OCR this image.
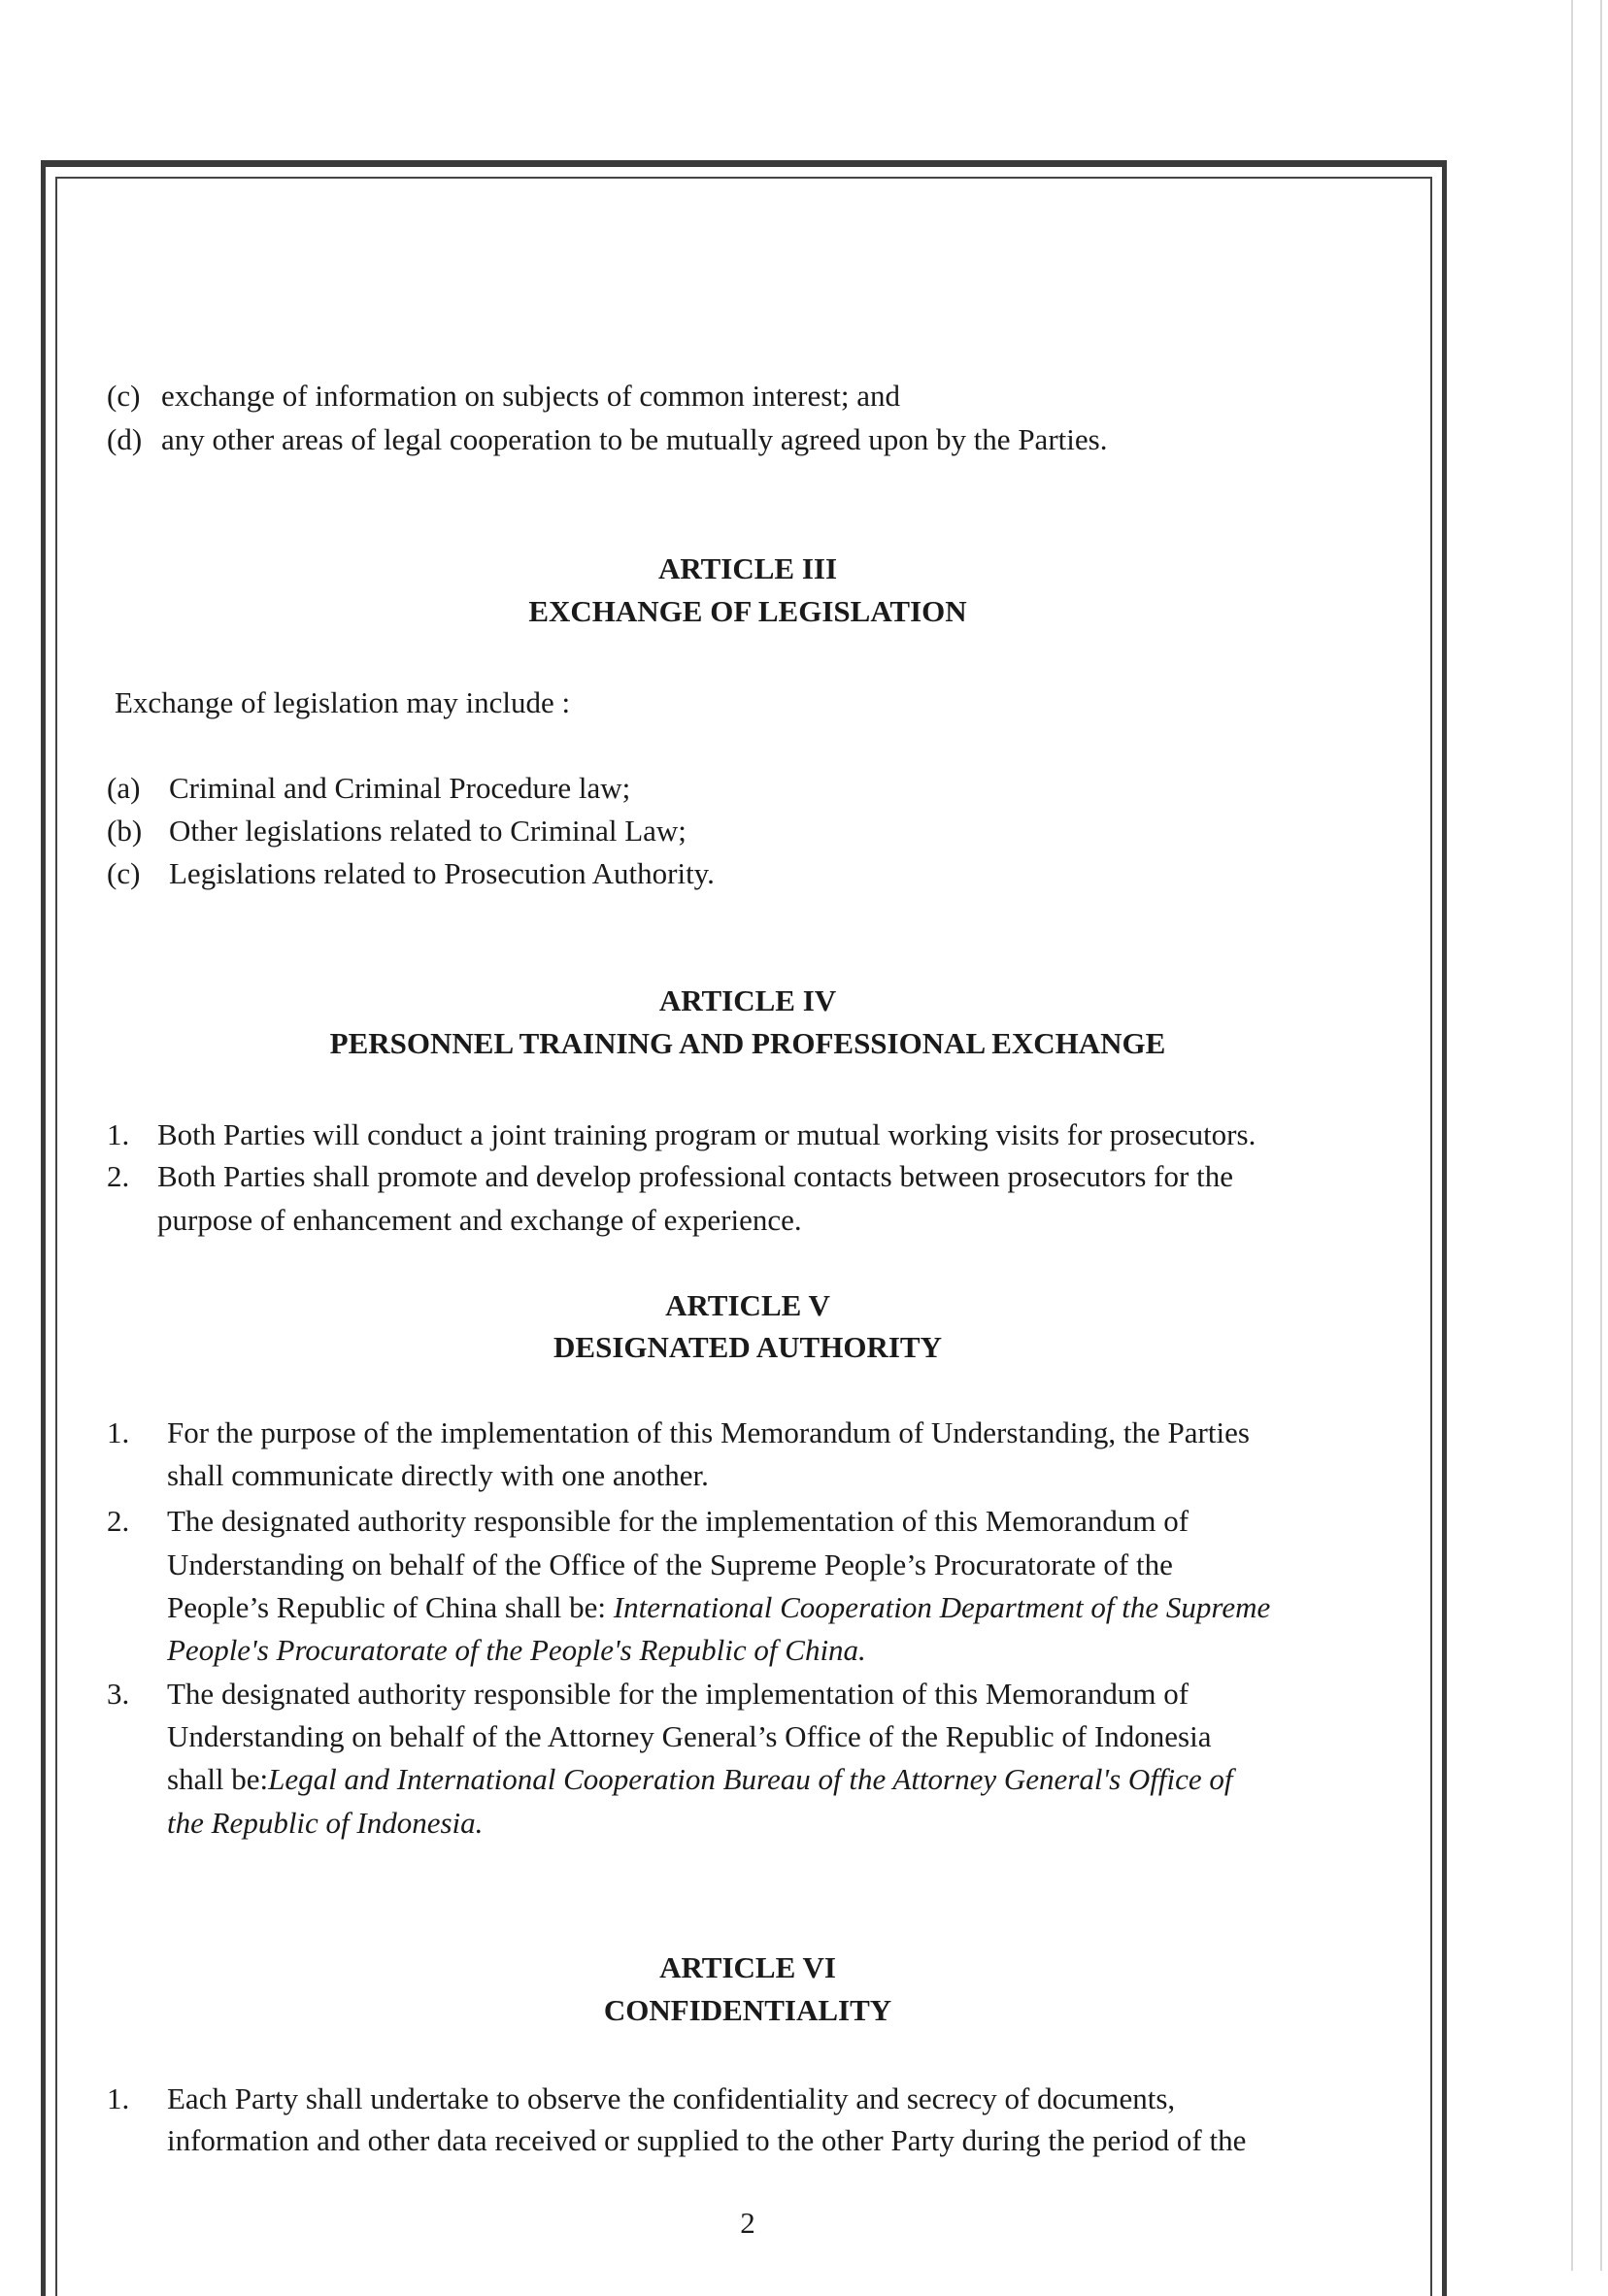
(c) exchange of information on subjects of common interest; and
(d) any other areas of legal cooperation to be mutually agreed upon by the Parties.
ARTICLE III
EXCHANGE OF LEGISLATION
Exchange of legislation may include :
(a) Criminal and Criminal Procedure law;
(b) Other legislations related to Criminal Law;
(c) Legislations related to Prosecution Authority.
ARTICLE IV
PERSONNEL TRAINING AND PROFESSIONAL EXCHANGE
1. Both Parties will conduct a joint training program or mutual working visits for prosecutors.
2. Both Parties shall promote and develop professional contacts between prosecutors for the
purpose of enhancement and exchange of experience.
ARTICLE V
DESIGNATED AUTHORITY
1. For the purpose of the implementation of this Memorandum of Understanding, the Parties
shall communicate directly with one another.
2. The designated authority responsible for the implementation of this Memorandum of
Understanding on behalf of the Office of the Supreme People’s Procuratorate of the
People’s Republic of China shall be: International Cooperation Department of the Supreme
People's Procuratorate of the People's Republic of China.
3. The designated authority responsible for the implementation of this Memorandum of
Understanding on behalf of the Attorney General’s Office of the Republic of Indonesia
shall be:Legal and International Cooperation Bureau of the Attorney General's Office of
the Republic of Indonesia.
ARTICLE VI
CONFIDENTIALITY
1. Each Party shall undertake to observe the confidentiality and secrecy of documents,
information and other data received or supplied to the other Party during the period of the
2
